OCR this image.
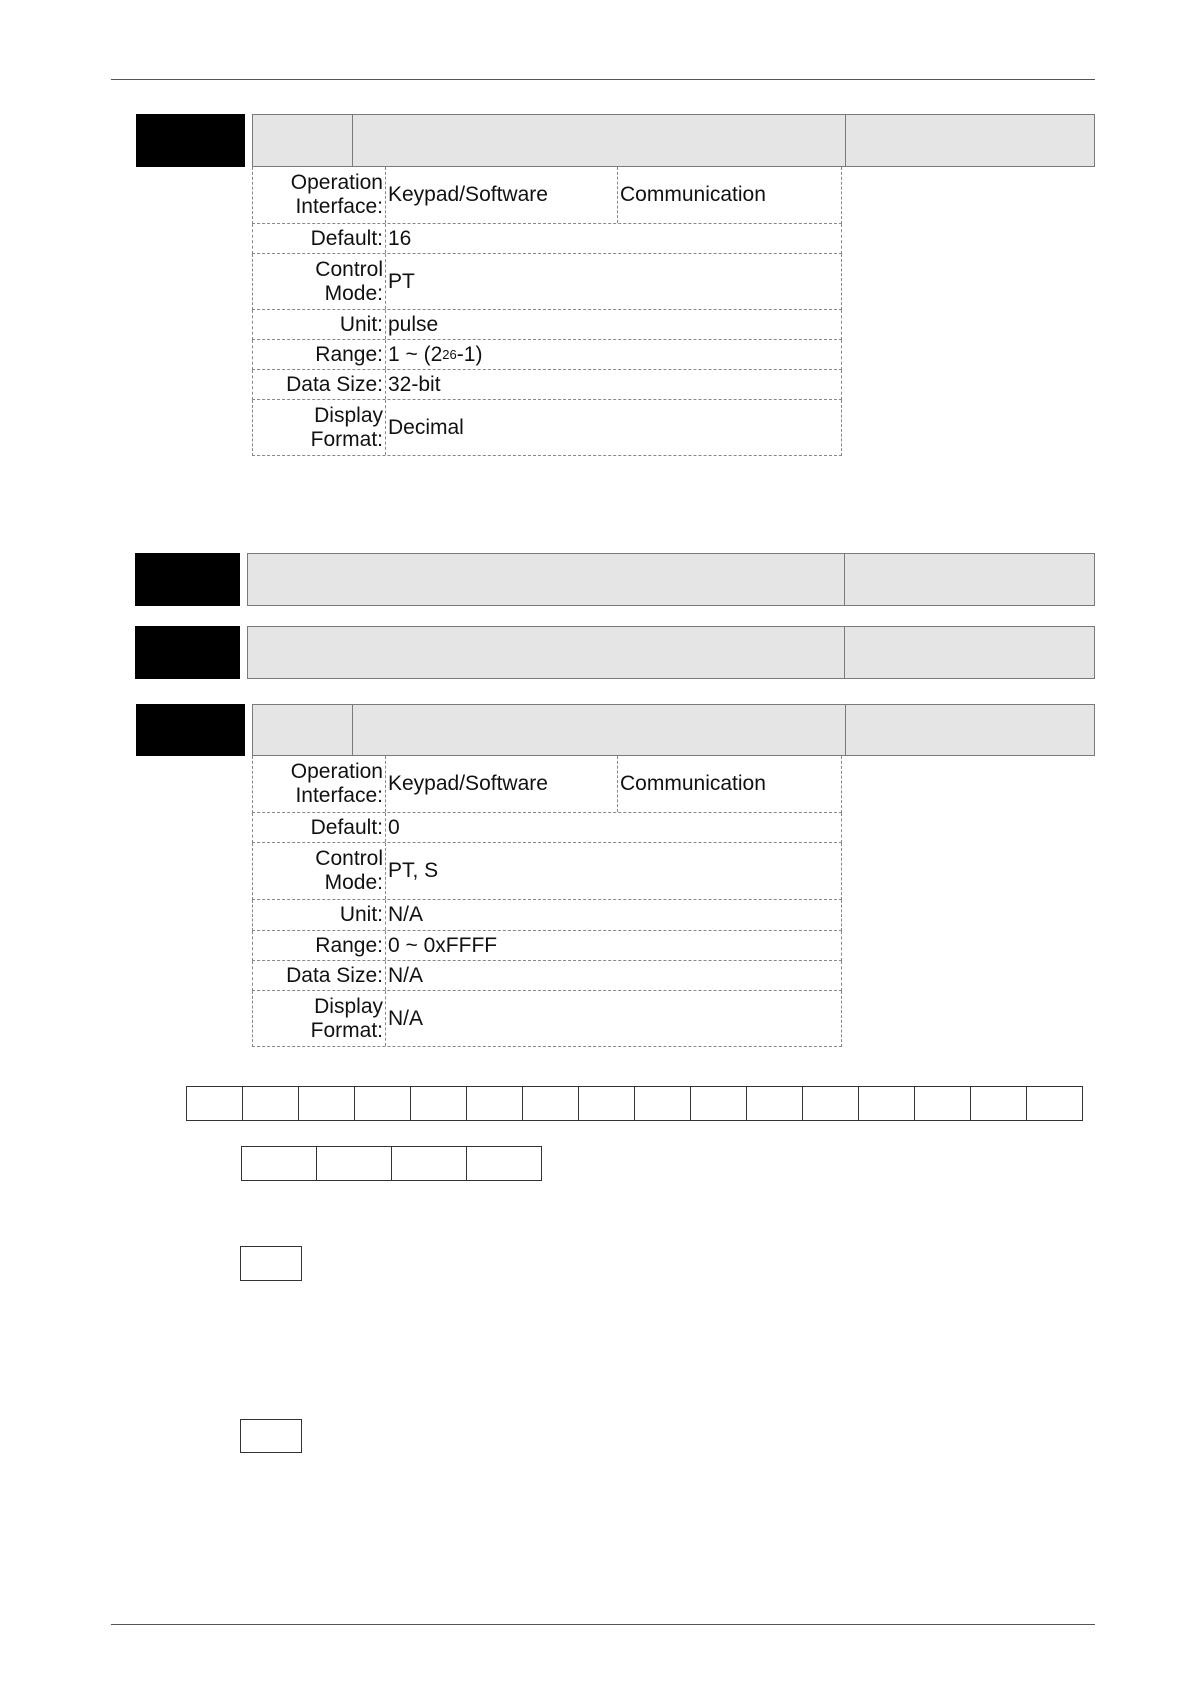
Operation Interface:
Keypad/Software	Communication
Default: 16
Control Mode:
PT
Unit: pulse
Range: 1 ~ (2 26 -1)
Data Size: 32-bit
Display Format:
Decimal
Operation Interface:
Keypad/Software	Communication
Default: 0
Control Mode:
PT, S
Unit: N/A
Range: 0 ~ 0xFFFF
Data Size: N/A
Display Format:
N/A
